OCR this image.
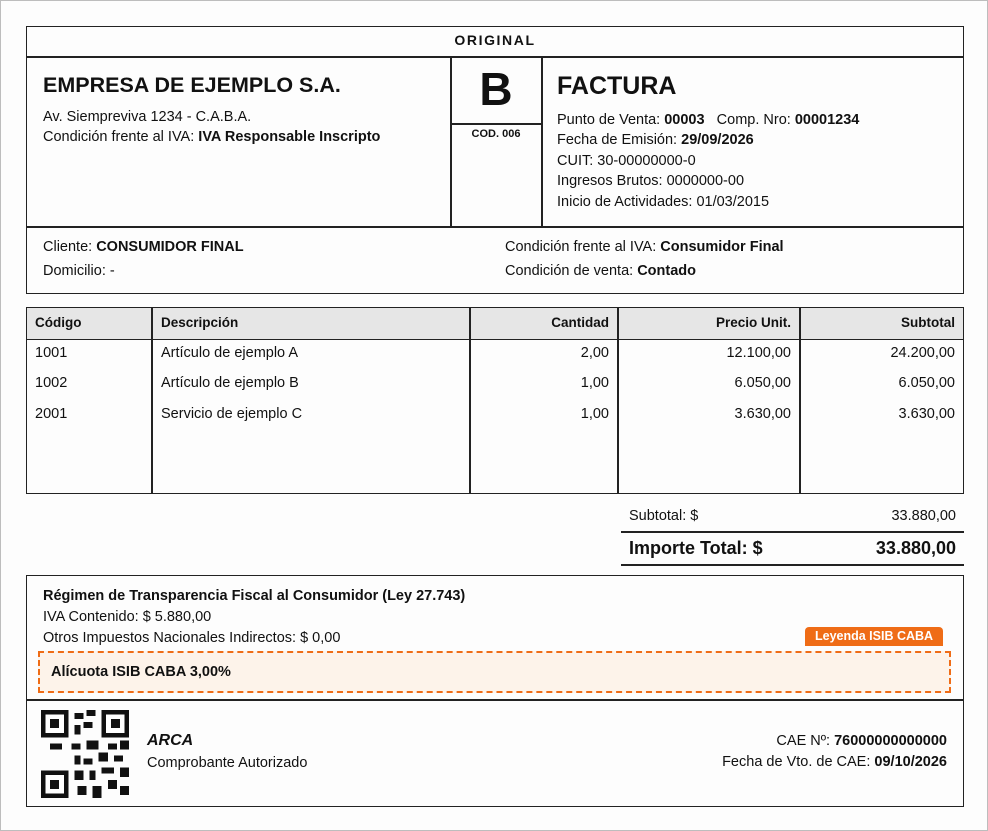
ORIGINAL
EMPRESA DE EJEMPLO S.A.
Av. Siempreviva 1234 - C.A.B.A.
Condición frente al IVA: IVA Responsable Inscripto
B
COD. 006
FACTURA
Punto de Venta: 00003 Comp. Nro: 00001234
Fecha de Emisión: 29/09/2026
CUIT: 30-00000000-0
Ingresos Brutos: 0000000-00
Inicio de Actividades: 01/03/2015
Cliente: CONSUMIDOR FINAL
Domicilio: -
Condición frente al IVA: Consumidor Final
Condición de venta: Contado
Código	Descripción	Cantidad	Precio Unit.	Subtotal
1001	Artículo de ejemplo A	2,00	12.100,00	24.200,00
1002	Artículo de ejemplo B	1,00	6.050,00	6.050,00
2001	Servicio de ejemplo C	1,00	3.630,00	3.630,00
Subtotal: $	33.880,00
Importe Total: $	33.880,00
Régimen de Transparencia Fiscal al Consumidor (Ley 27.743)
IVA Contenido: $ 5.880,00
Otros Impuestos Nacionales Indirectos: $ 0,00	Leyenda ISIB CABA
Alícuota ISIB CABA 3,00%
ARCA
Comprobante Autorizado
CAE Nº: 76000000000000
Fecha de Vto. de CAE: 09/10/2026
